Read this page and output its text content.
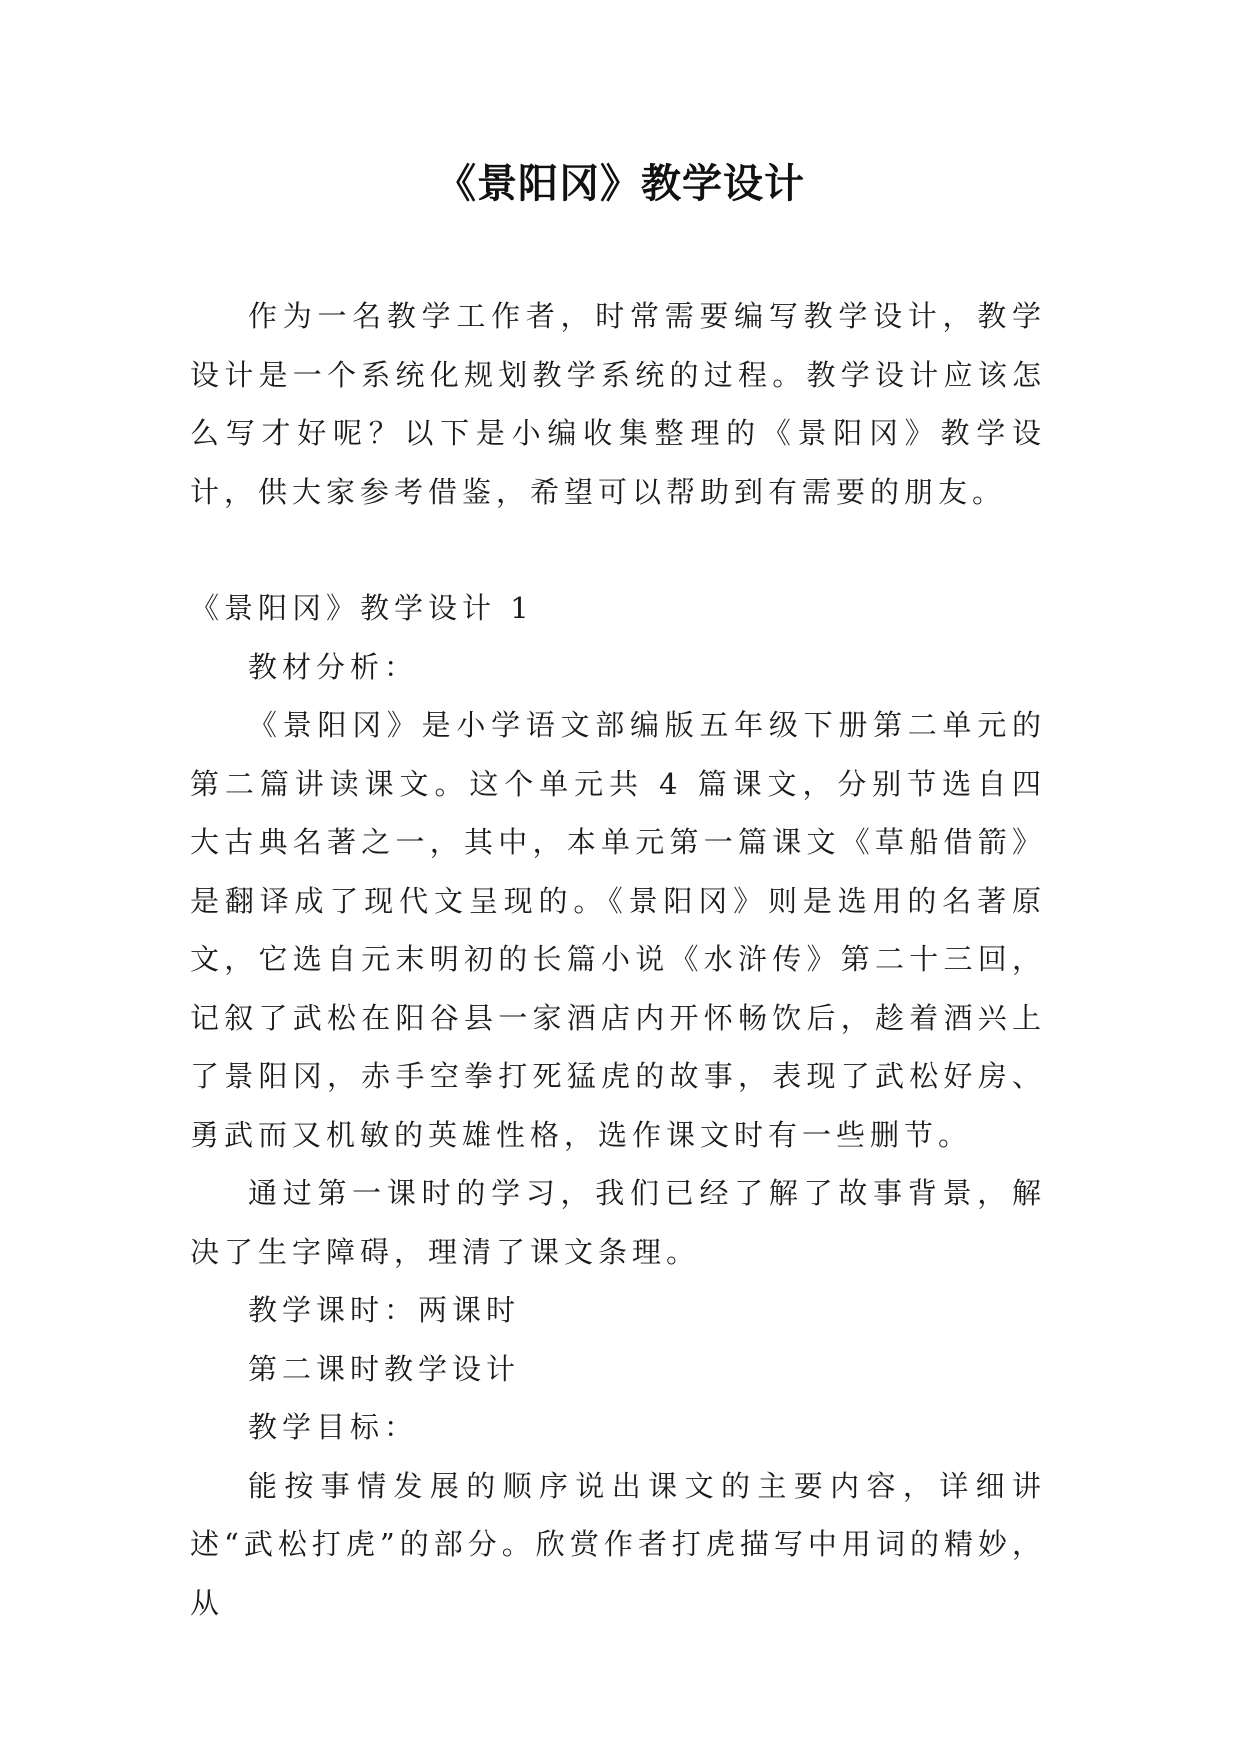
《景阳冈》教学设计

作为一名教学工作者，时常需要编写教学设计，教学设计是一个系统化规划教学系统的过程。教学设计应该怎么写才好呢？以下是小编收集整理的《景阳冈》教学设计，供大家参考借鉴，希望可以帮助到有需要的朋友。

《景阳冈》教学设计 1

教材分析：

《景阳冈》是小学语文部编版五年级下册第二单元的第二篇讲读课文。这个单元共 4 篇课文，分别节选自四大古典名著之一，其中，本单元第一篇课文《草船借箭》是翻译成了现代文呈现的。《景阳冈》则是选用的名著原文，它选自元末明初的长篇小说《水浒传》第二十三回，记叙了武松在阳谷县一家酒店内开怀畅饮后，趁着酒兴上了景阳冈，赤手空拳打死猛虎的故事，表现了武松好房、勇武而又机敏的英雄性格，选作课文时有一些删节。

通过第一课时的学习，我们已经了解了故事背景，解决了生字障碍，理清了课文条理。

教学课时：两课时

第二课时教学设计

教学目标：

能按事情发展的顺序说出课文的主要内容，详细讲述“武松打虎”的部分。欣赏作者打虎描写中用词的精妙，从
